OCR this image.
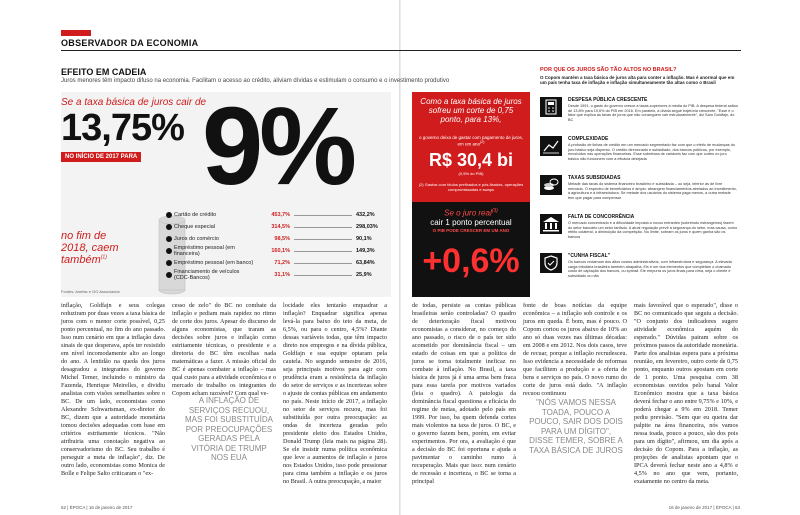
OBSERVADOR DA ECONOMIA
EFEITO EM CADEIA
Juros menores têm impacto difuso na economia. Facilitam o acesso ao crédito, aliviam dívidas e estimulam o consumo e o investimento produtivo
Se a taxa básica de juros cair de
13,75%
NO INÍCIO DE 2017 PARA
no fim de 2018, caem também$^{(1)}$
Fontes: Anefac e GO Associados
9%
Cartão de crédito	453,7%	432,2%
Cheque especial	314,5%	298,03%
Juros do comércio	98,5%	90,1%
Empréstimo pessoal (em financeira)	160,1%	149,3%
Empréstimo pessoal (em banco)	71,2%	63,84%
Financiamento de veículos (CDC-Bancos)	31,1%	25,9%
Como a taxa básica de juros sofreu um corte de 0,75 ponto, para 13%,
o governo deixa de gastar com pagamento de juros, em um ano$^{(2)}$
R$ 30,4 bi
(0,5% do PIB)
(2) Gastos com títulos prefixados e pós-fixados, operações compromissadas e swaps
Se o juro real$^{(3)}$
cair 1 ponto percentual
O PIB PODE CRESCER EM UM ANO
+0,6%
POR QUE OS JUROS SÃO TÃO ALTOS NO BRASIL?
O Copom mantém a taxa básica de juros alta para conter a inflação. Mas é anormal que em um país tenha taxa de inflação e inflação simultaneamente tão altas como o Brasil
DESPESA PÚBLICA CRESCENTE
Desde 1991, o gasto do governo cresce a taxas superiores à média do PIB. A despesa federal saltou de 13,8% para 19,6% do PIB em 2016. Em paralelo, a dívida segue trajetória crescente. "Esse é o fator que explica as taxas de juros que não conseguem cair estruturalmente", diz Sam Goldfajn, do BC
COMPLEXIDADE
A profusão de linhas de crédito em um mercado segmentado faz com que o efeito de mudanças do juro básico seja disperso. O crédito direcionado e subsidiado, dos bancos públicos, por exemplo, envolvidos nas operações financeiras. Esse sobretaxa de variáveis faz com que cortes no juro básico não funcionem com a eficácia desejada
TAXAS SUBSIDIADAS
Metade das taxas do sistema financeiro brasileiro é subsidiada – ou seja, inferior às de livre mercado. O espectro de beneficiários é amplo: abrangem financiamentos atrelados ao investimento, à agricultura e à infraestrutura. Se metade dos usuários do sistema paga menos, a outra metade tem que pagar para compensar
FALTA DE CONCORRÊNCIA
O mercado concentrado e a dificuldade imposta a novos entrantes (sobretudo estrangeiros) fazem do setor bancário um setor tarifado. A atual regulação prevê a segurança do setor, mas causa, como efeito colateral, a diminuição da competição. No limite, sobram os juros e quem ganha são os bancos
"CUNHA FISCAL"
Os bancos reclamam dos altos custos administrativos, com infraestrutura e segurança. A elevada carga tributária brasileira também atrapalha. Eis é um dos elementos que completam o chamado custo de captação dos bancos, ou spread. Ele empurra os juros finais para cima, seja o cliente é subsidiado ou não
inflação, Goldfajn e seus colegas reduziram por duas vezes a taxa básica de juros com o menor corte possível, 0,25 ponto percentual, no fim do ano passado. Isso num cenário em que a inflação dava sinais de que desperava, após ter resistido em nível incomodamente alto ao longo do ano. A lentidão na queda dos juros desagradou a integrantes do governo Michel Temer, incluindo o ministro da Fazenda, Henrique Meirelles, e dividiu analistas com visões semelhantes sobre o BC. De um lado, economistas como Alexandre Schwartsman, ex-diretor do BC, dizem que a autoridade monetária tomou decisões adequadas com base em critérios estritamente técnicos. "Não atribuiria uma conotação negativa ao conservadorismo do BC. Seu trabalho é perseguir a meta de inflação", diz. De outro lado, economistas como Monica de Bolle e Felipe Salto criticaram o "ex-
cesso de zelo" do BC no combate da inflação e pediam mais rapidez no ritmo de corte dos juros. Apesar do discurso de alguns economistas, que traram as decisões sobre juros e inflação como estritamente técnicas, o presidente e a diretoria do BC têm escolhas nada matemáticas a fazer. A missão oficial do BC é apenas combater a inflação – mas qual custo para a atividade econômica e o mercado de trabalho os integrantes do Copom acham razoável? Com qual ve-
A INFLAÇÃO DE SERVIÇOS RECUOU, MAS FOI SUBSTITUÍDA POR PREOCUPAÇÕES GERADAS PELA VITÓRIA DE TRUMP NOS EUA
locidade eles tentarão enquadrar a inflação? Enquadrar significa apenas levá-la para baixo do teto da meta, de 6,5%, ou para o centro, 4,5%? Diante dessas variáveis todas, que têm impacto direto nos empregos e na dívida pública, Goldfajn e sua equipe optaram pela cautela. No segundo semestre de 2016, seja principais motivos para agir com prudência eram a resistência da inflação do setor de serviços e as incertezas sobre o ajuste de contas públicas em andamento no país. Neste início de 2017, a inflação no setor de serviços recuou, mas foi substituída por outra preocupação: as ondas de incerteza geradas pelo presidente eleito dos Estados Unidos, Donald Trump (leia mais na página 28). Se ele insistir numa política econômica que leve a aumentos de inflação e juros nos Estados Unidos, isso pode pressionar para cima também a inflação e os juros no Brasil. A outra preocupação, a maior
de todas, persiste as contas públicas brasileiras serão controladas? O quadro de deterioração fiscal motivou economistas a considerar, no começo do ano passado, o risco de o país ter sido acometido por dominância fiscal – um estado de coisas em que a política de juros se torna totalmente ineficaz no combate à inflação. No Brasil, a taxa básica de juros já é uma arma bem fraca para essa tarefa por motivos variados (leia o quadro). A patologia da dominância fiscal questiona a eficácia do regime de metas, adotado pelo país em 1999. Por isso, ba quem defenda cortes mais violentos na taxa de juros. O BC, e o governo fazem bem, porém, em evitar experimentos. Por ora, a avaliação é que a decisão do BC foi oportuna e ajuda a pavimentar o caminho rumo à recuperação. Mais que isso: num cenário de recessão e incerteza, o BC se torna a principal
fonte de boas notícias da equipe econômica – a inflação sob controle e os juros em queda. É bom, mas é pouco. O Copom cortou os juros abaixo de 10% ao ano só duas vezes nas últimas décadas: em 2008 e em 2012. Nos dois casos, teve de recuar, porque a inflação recrudesceu. Isso evidencia a necessidade de reformas que facilitem a produção e a oferta de bens e serviços no país. O novo rumo do corte de juros está dado. "A inflação recuou continuou
"NÓS VAMOS NESSA TOADA, POUCO A POUCO, SAIR DOS DOIS PARA UM DÍGITO", DISSE TEMER, SOBRE A TAXA BÁSICA DE JUROS
mais favorável que o esperado", disse o BC no comunicado que seguiu a decisão. "O conjunto dos indicadores sugere atividade econômica aquém do esperado." Dúvidas pairam sobre os próximos passos da autoridade monetária. Parte dos analistas espera para a próxima reunião, em fevereiro, outro corte de 0,75 ponto, enquanto outros apostam em corte de 1 ponto. Uma pesquisa com 38 economistas ouvidos pelo banal Valor Econômico mostra que a taxa básica deverá fechar o ano entre 9,75% e 10%, e poderá chegar a 9% em 2018. Temer pediu previsão. "Sem que eu queira dar palpite na área financeira, nós vamos nessa toada, pouco a pouco, são dos pois para um dígito", afirmou, um dia após a decisão do Copom. Para a inflação, as projeções de analistas apontam que o IPCA deverá fechar neste ano a 4,8% e 4,5% no ano que vem, portanto, exatamente no centro da meta.
62 | ÉPOCA | 16 de janeiro de 2017	16 de janeiro de 2017 | ÉPOCA | 63
